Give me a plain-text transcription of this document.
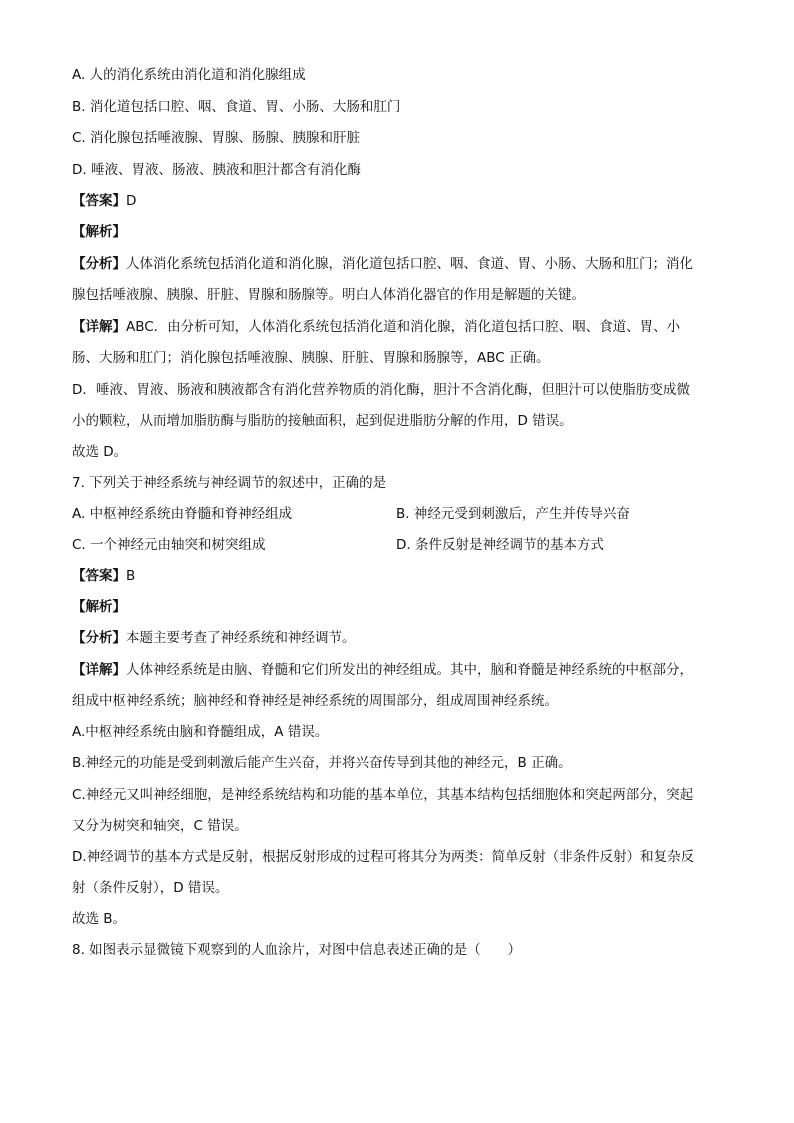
A. 人的消化系统由消化道和消化腺组成
B. 消化道包括口腔、咽、食道、胃、小肠、大肠和肛门
C. 消化腺包括唾液腺、胃腺、肠腺、胰腺和肝脏
D. 唾液、胃液、肠液、胰液和胆汁都含有消化酶
【答案】D
【解析】
【分析】人体消化系统包括消化道和消化腺，消化道包括口腔、咽、食道、胃、小肠、大肠和肛门；消化
腺包括唾液腺、胰腺、肝脏、胃腺和肠腺等。明白人体消化器官的作用是解题的关键。
【详解】ABC．由分析可知，人体消化系统包括消化道和消化腺，消化道包括口腔、咽、食道、胃、小
肠、大肠和肛门；消化腺包括唾液腺、胰腺、肝脏、胃腺和肠腺等，ABC 正确。
D．唾液、胃液、肠液和胰液都含有消化营养物质的消化酶，胆汁不含消化酶，但胆汁可以使脂肪变成微
小的颗粒，从而增加脂肪酶与脂肪的接触面积，起到促进脂肪分解的作用，D 错误。
故选 D。
7. 下列关于神经系统与神经调节的叙述中，正确的是
A. 中枢神经系统由脊髓和脊神经组成	B. 神经元受到刺激后，产生并传导兴奋
C. 一个神经元由轴突和树突组成	D. 条件反射是神经调节的基本方式
【答案】B
【解析】
【分析】本题主要考查了神经系统和神经调节。
【详解】人体神经系统是由脑、脊髓和它们所发出的神经组成。其中，脑和脊髓是神经系统的中枢部分，
组成中枢神经系统；脑神经和脊神经是神经系统的周围部分，组成周围神经系统。
A.中枢神经系统由脑和脊髓组成，A 错误。
B.神经元的功能是受到刺激后能产生兴奋，并将兴奋传导到其他的神经元，B 正确。
C.神经元又叫神经细胞，是神经系统结构和功能的基本单位，其基本结构包括细胞体和突起两部分，突起
又分为树突和轴突，C 错误。
D.神经调节的基本方式是反射，根据反射形成的过程可将其分为两类：简单反射（非条件反射）和复杂反
射（条件反射），D 错误。
故选 B。
8. 如图表示显微镜下观察到的人血涂片，对图中信息表述正确的是（　　）
